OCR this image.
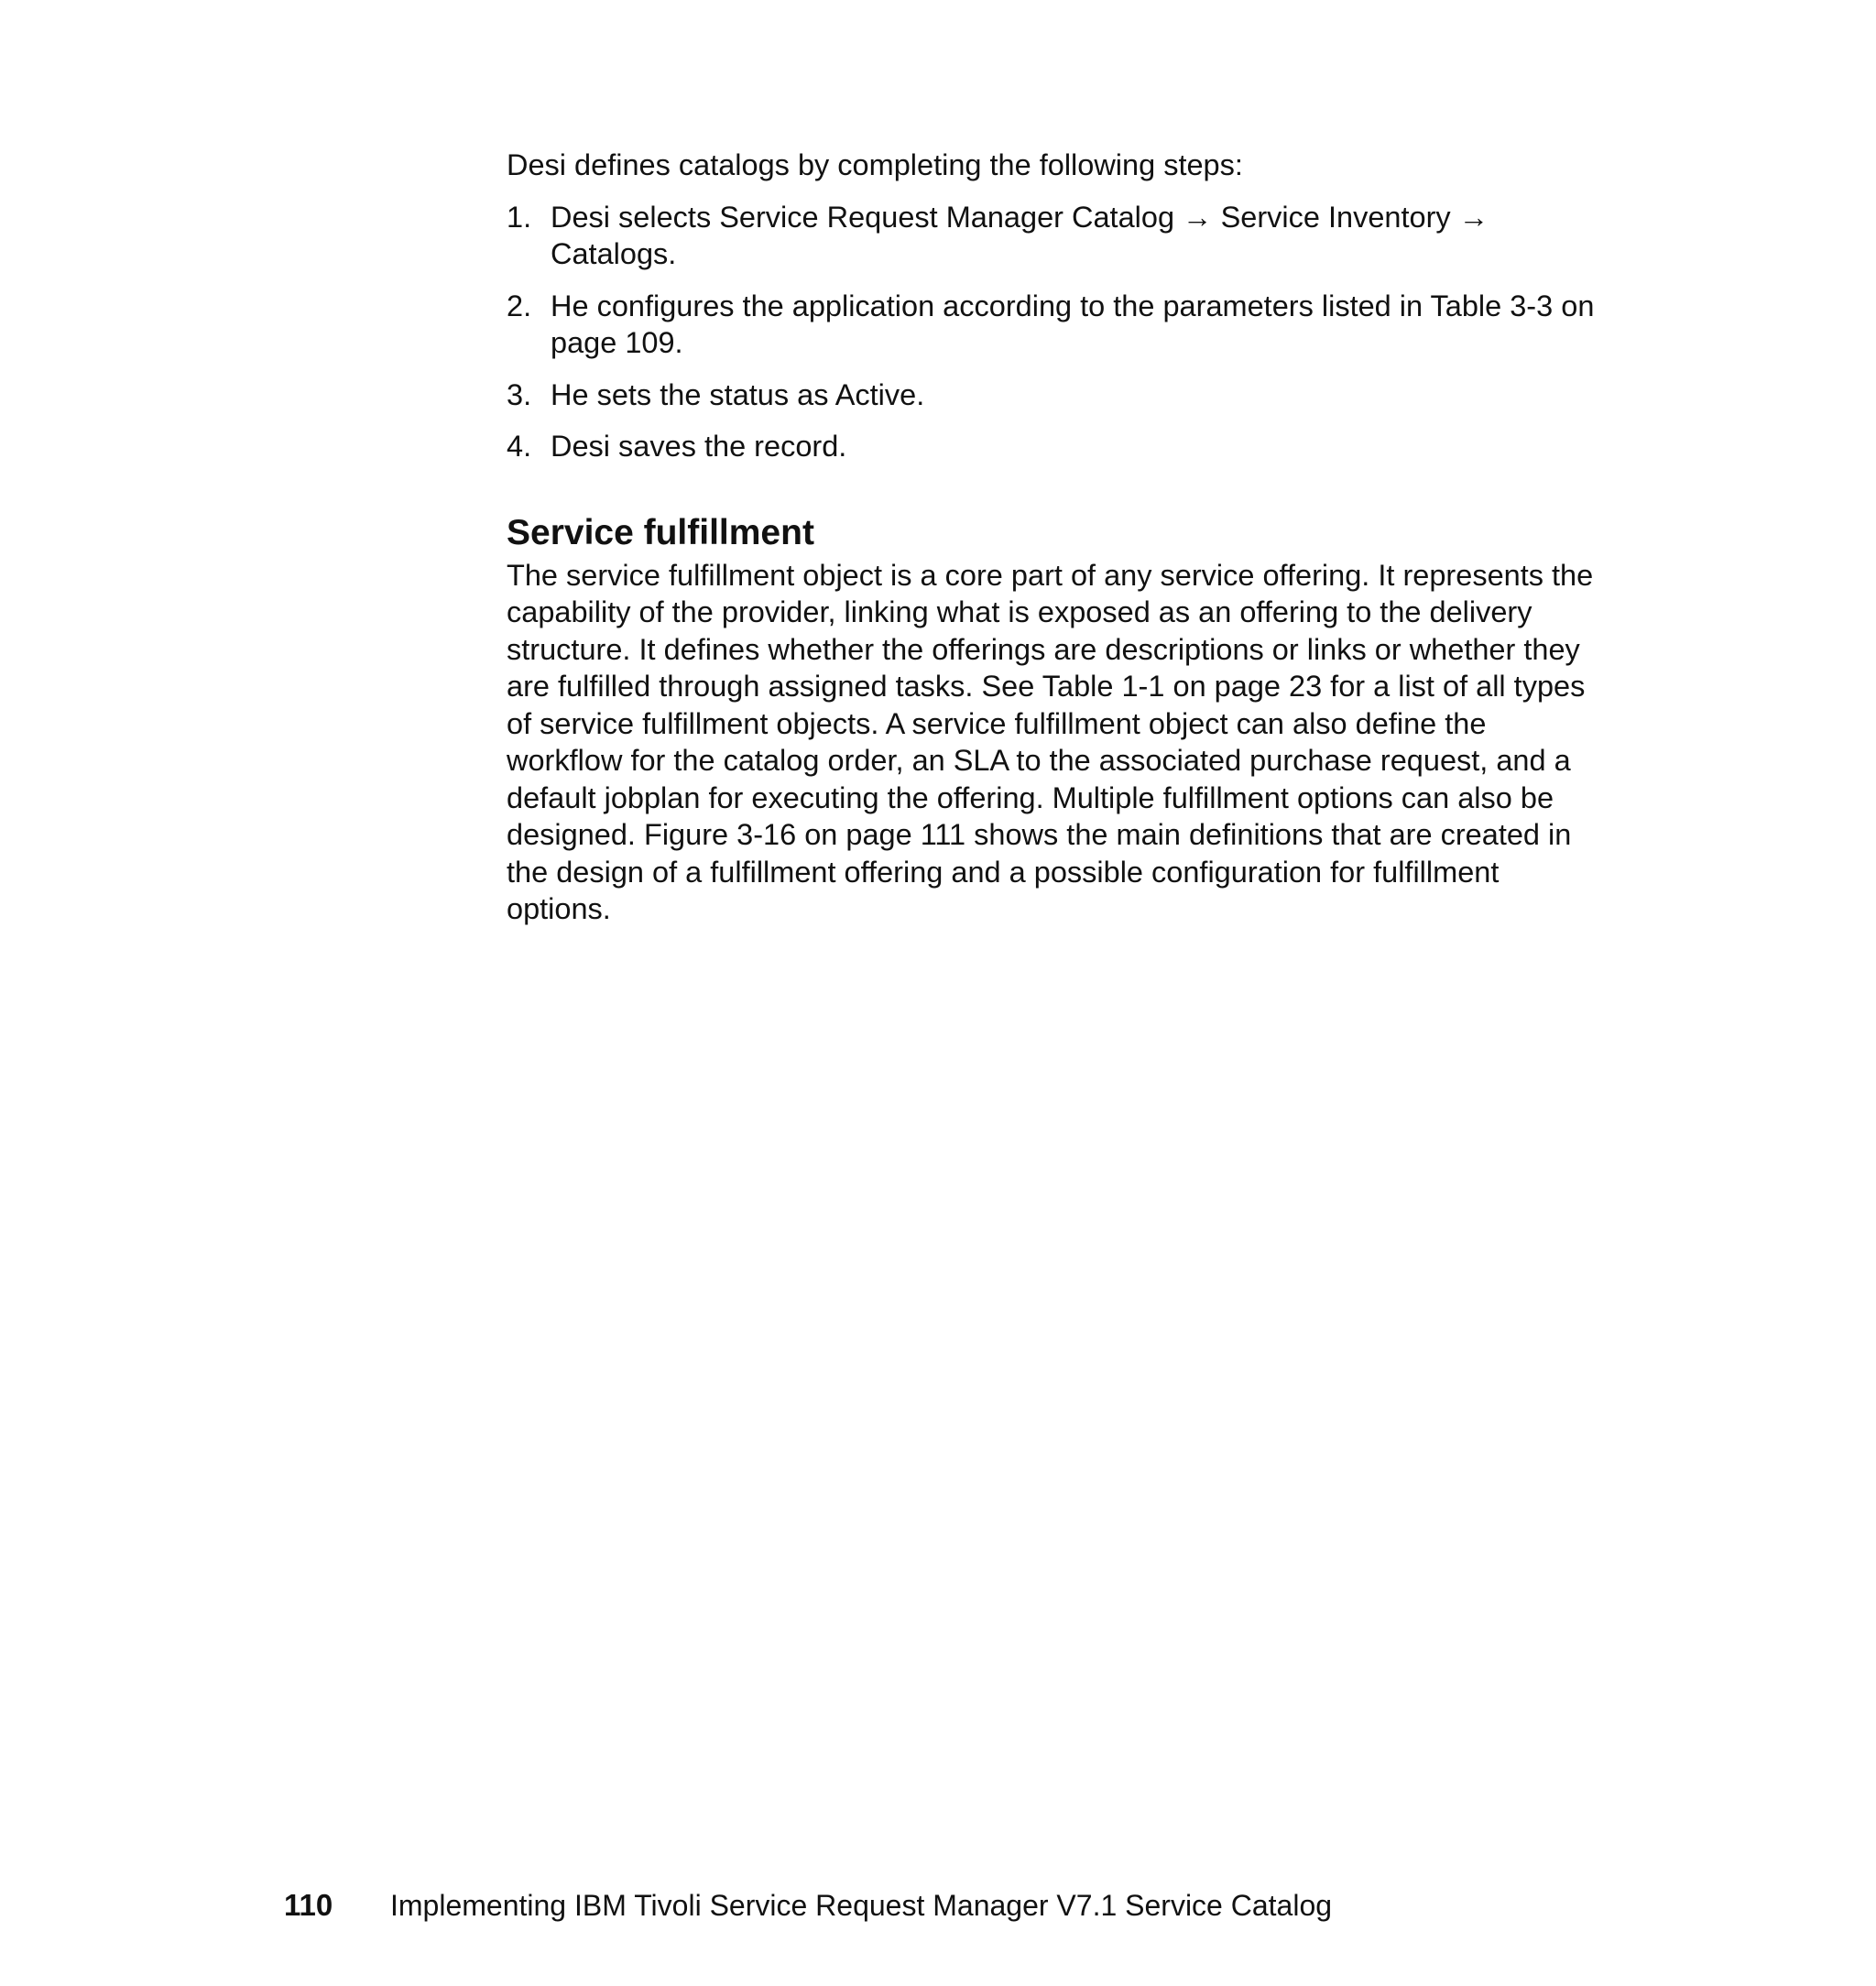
Desi defines catalogs by completing the following steps:

1. Desi selects Service Request Manager Catalog → Service Inventory → Catalogs.
2. He configures the application according to the parameters listed in Table 3-3 on page 109.
3. He sets the status as Active.
4. Desi saves the record.
Service fulfillment

The service fulfillment object is a core part of any service offering. It represents the capability of the provider, linking what is exposed as an offering to the delivery structure. It defines whether the offerings are descriptions or links or whether they are fulfilled through assigned tasks. See Table 1-1 on page 23 for a list of all types of service fulfillment objects. A service fulfillment object can also define the workflow for the catalog order, an SLA to the associated purchase request, and a default jobplan for executing the offering. Multiple fulfillment options can also be designed. Figure 3-16 on page 111 shows the main definitions that are created in the design of a fulfillment offering and a possible configuration for fulfillment options.

110 Implementing IBM Tivoli Service Request Manager V7.1 Service Catalog
